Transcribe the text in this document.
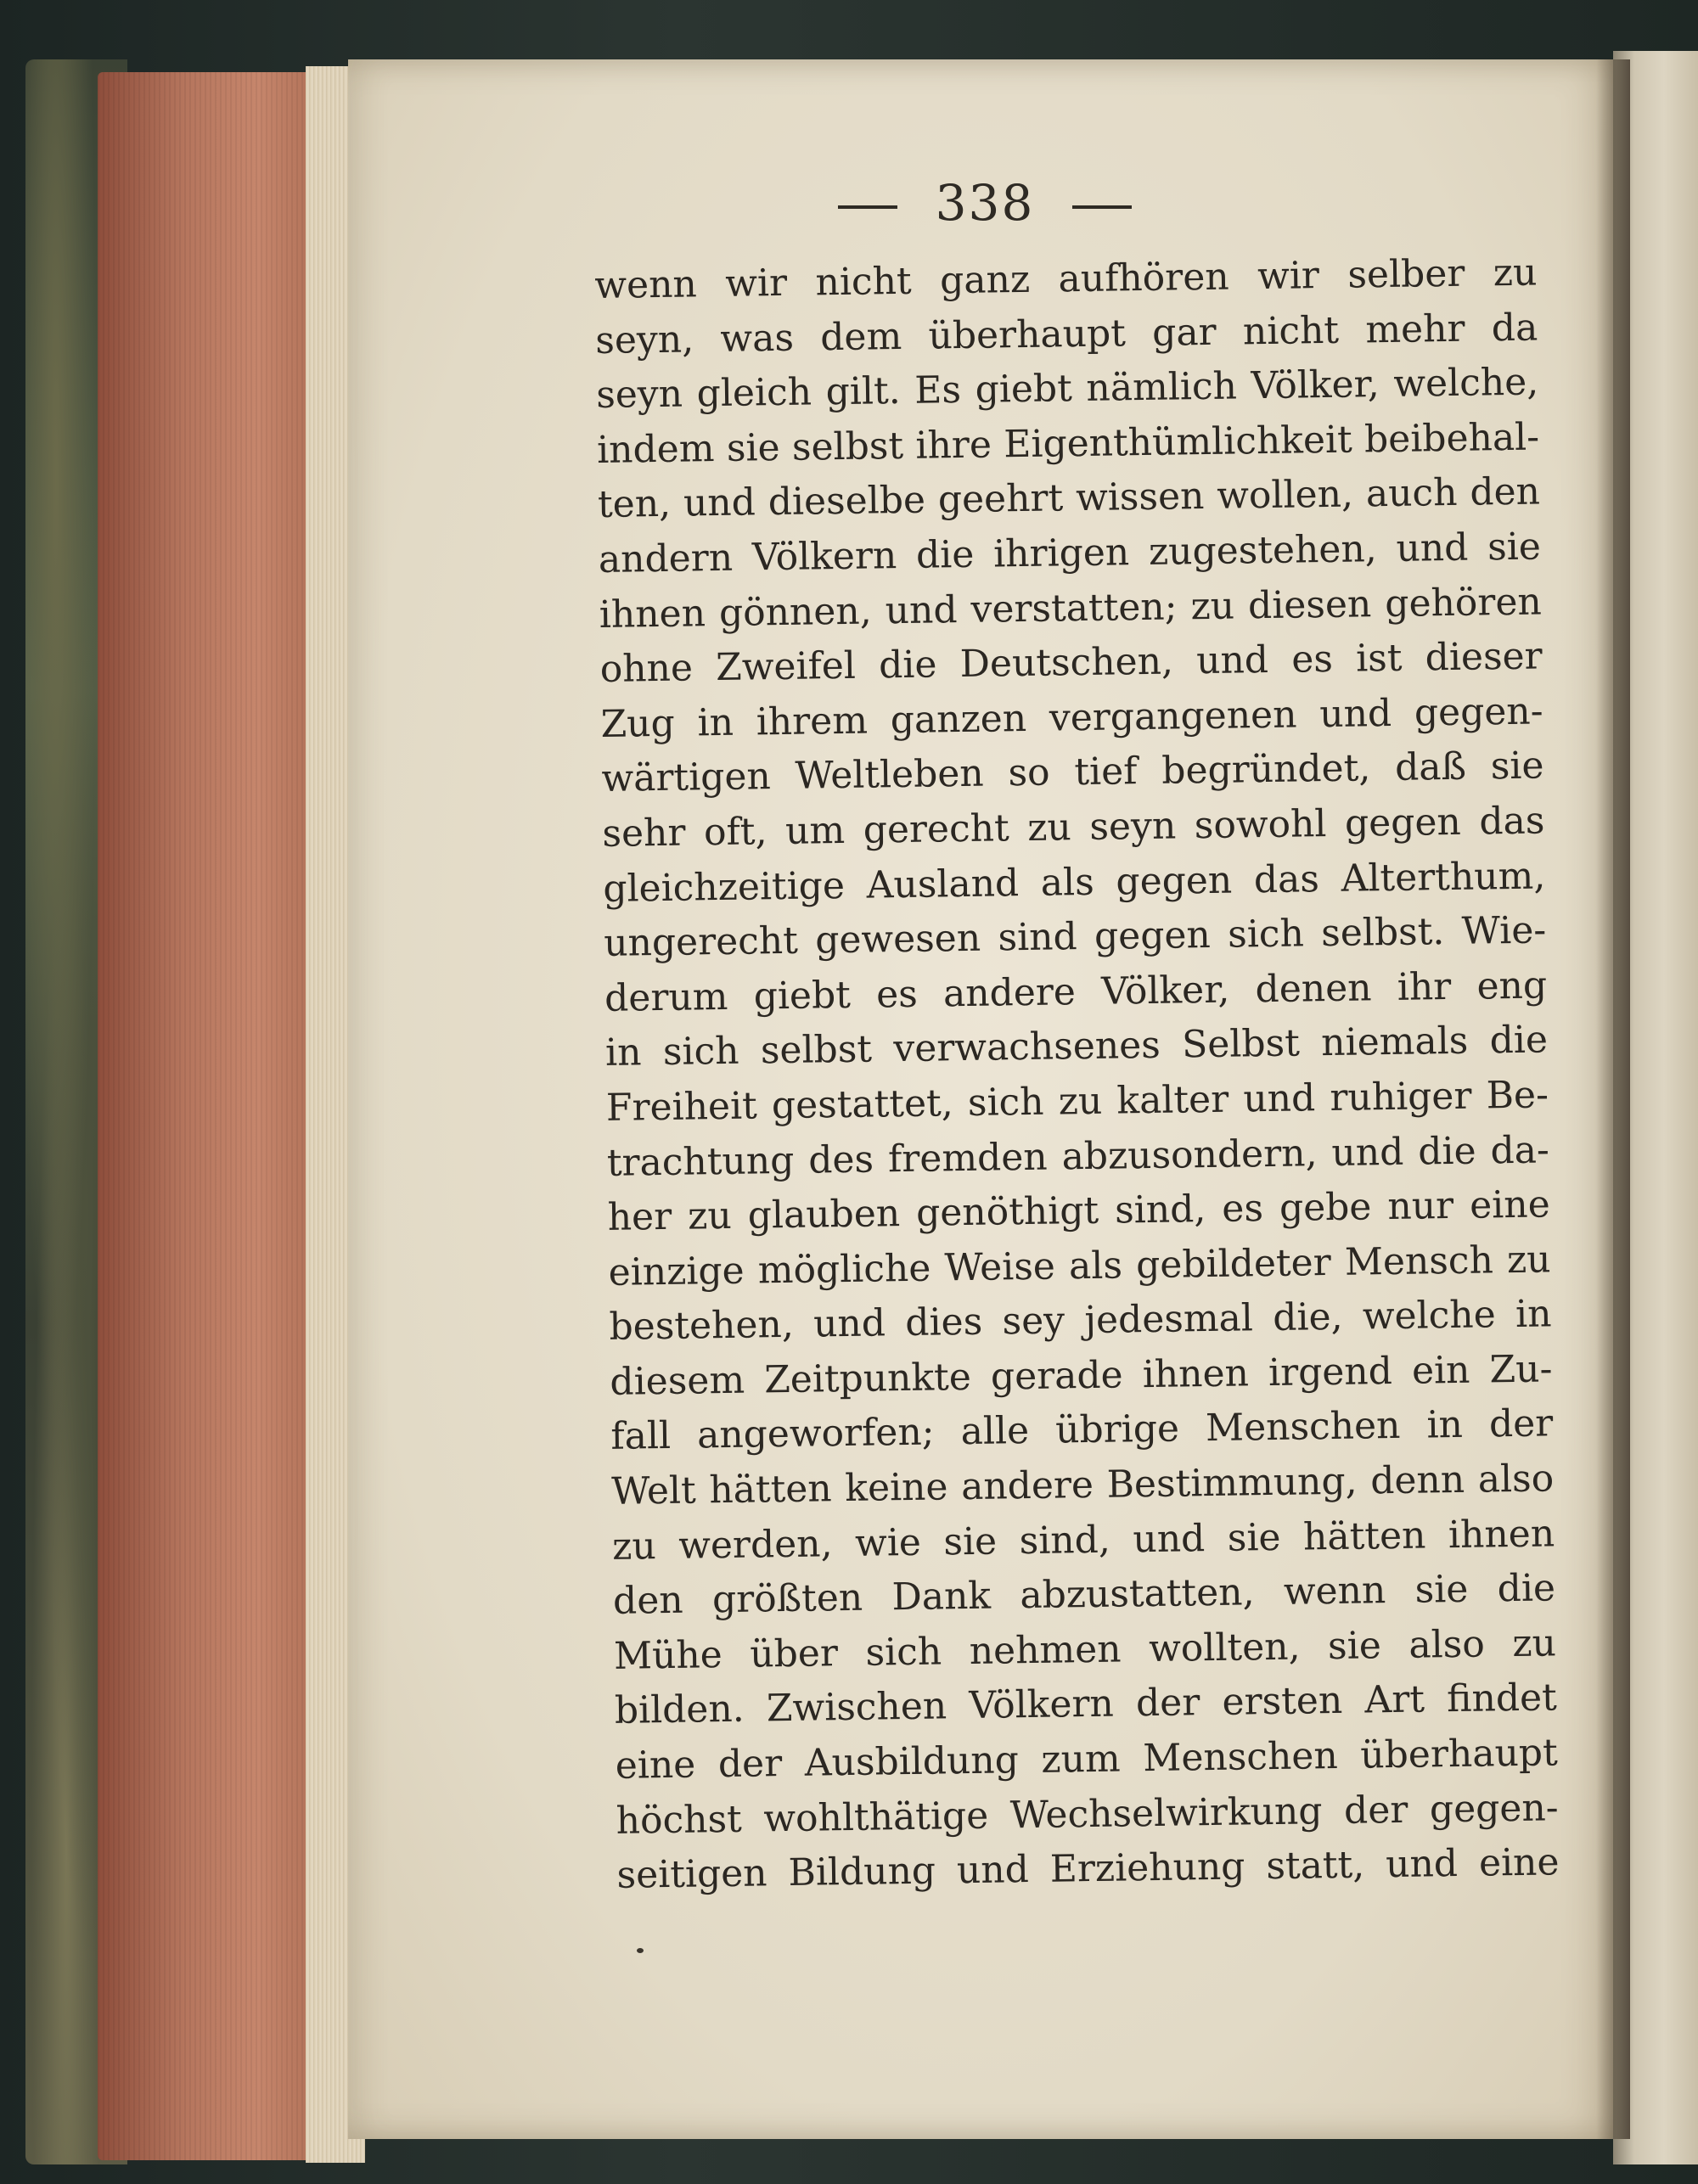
338
wenn wir nicht ganz aufhören wir selber zu
seyn, was dem überhaupt gar nicht mehr da
seyn gleich gilt. Es giebt nämlich Völker, welche,
indem sie selbst ihre Eigenthümlichkeit beibehal-
ten, und dieselbe geehrt wissen wollen, auch den
andern Völkern die ihrigen zugestehen, und sie
ihnen gönnen, und verstatten; zu diesen gehören
ohne Zweifel die Deutschen, und es ist dieser
Zug in ihrem ganzen vergangenen und gegen-
wärtigen Weltleben so tief begründet, daß sie
sehr oft, um gerecht zu seyn sowohl gegen das
gleichzeitige Ausland als gegen das Alterthum,
ungerecht gewesen sind gegen sich selbst. Wie-
derum giebt es andere Völker, denen ihr eng
in sich selbst verwachsenes Selbst niemals die
Freiheit gestattet, sich zu kalter und ruhiger Be-
trachtung des fremden abzusondern, und die da-
her zu glauben genöthigt sind, es gebe nur eine
einzige mögliche Weise als gebildeter Mensch zu
bestehen, und dies sey jedesmal die, welche in
diesem Zeitpunkte gerade ihnen irgend ein Zu-
fall angeworfen; alle übrige Menschen in der
Welt hätten keine andere Bestimmung, denn also
zu werden, wie sie sind, und sie hätten ihnen
den größten Dank abzustatten, wenn sie die
Mühe über sich nehmen wollten, sie also zu
bilden. Zwischen Völkern der ersten Art findet
eine der Ausbildung zum Menschen überhaupt
höchst wohlthätige Wechselwirkung der gegen-
seitigen Bildung und Erziehung statt, und eine
